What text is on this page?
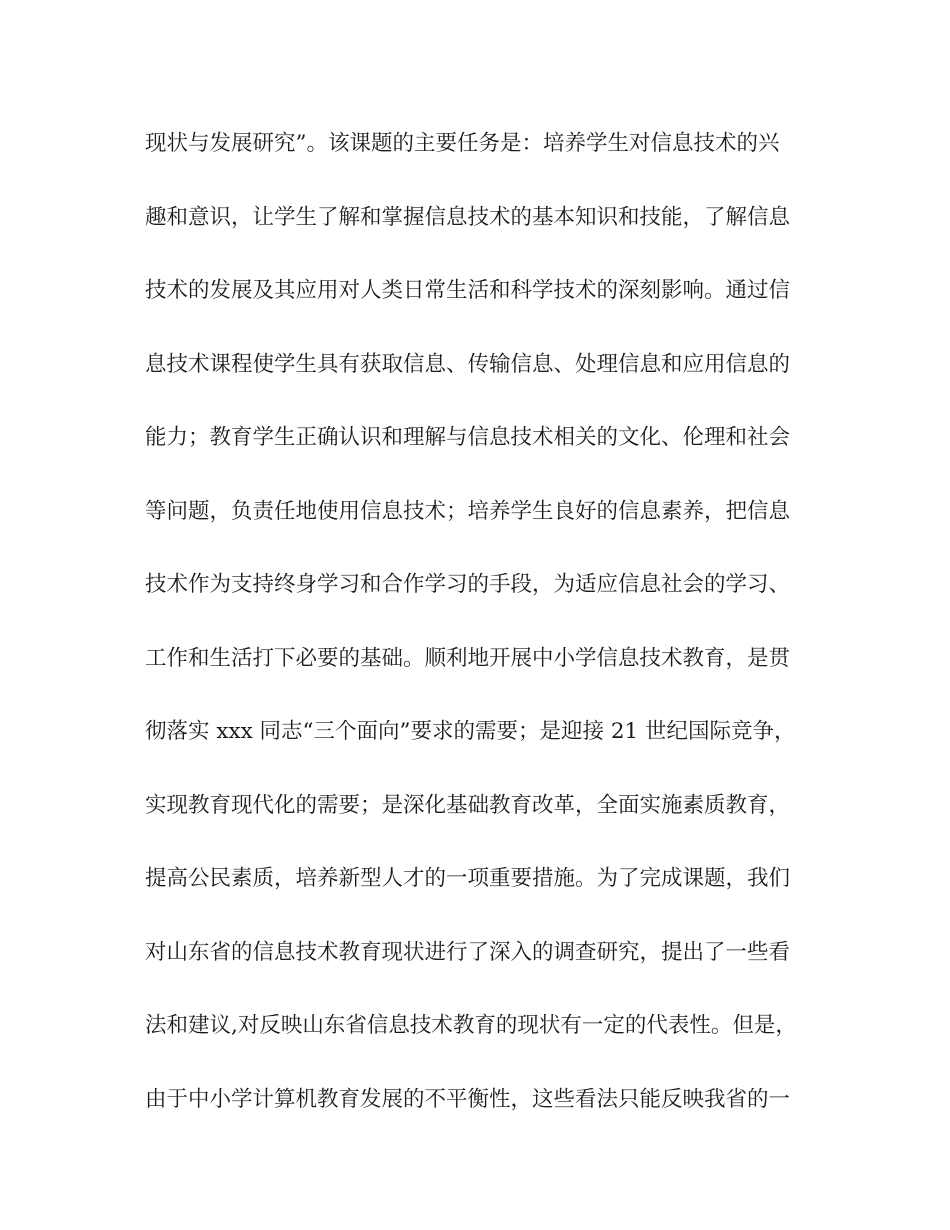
现状与发展研究”。该课题的主要任务是：培养学生对信息技术的兴
趣和意识，让学生了解和掌握信息技术的基本知识和技能，了解信息
技术的发展及其应用对人类日常生活和科学技术的深刻影响。通过信
息技术课程使学生具有获取信息、传输信息、处理信息和应用信息的
能力；教育学生正确认识和理解与信息技术相关的文化、伦理和社会
等问题，负责任地使用信息技术；培养学生良好的信息素养，把信息
技术作为支持终身学习和合作学习的手段，为适应信息社会的学习、
工作和生活打下必要的基础。顺利地开展中小学信息技术教育，是贯
彻落实 xxx 同志“三个面向”要求的需要；是迎接 21 世纪国际竞争，
实现教育现代化的需要；是深化基础教育改革，全面实施素质教育，
提高公民素质，培养新型人才的一项重要措施。为了完成课题，我们
对山东省的信息技术教育现状进行了深入的调查研究，提出了一些看
法和建议,对反映山东省信息技术教育的现状有一定的代表性。但是，
由于中小学计算机教育发展的不平衡性，这些看法只能反映我省的一
